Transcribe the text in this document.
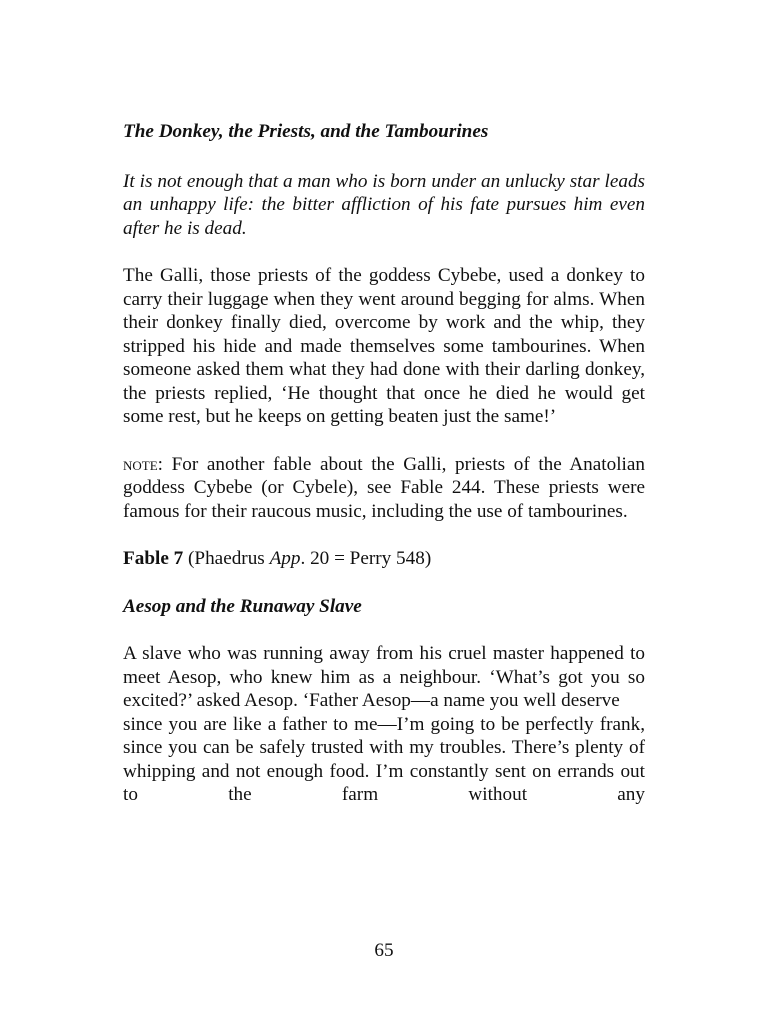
The Donkey, the Priests, and the Tambourines

It is not enough that a man who is born under an unlucky star leads an unhappy life: the bitter affliction of his fate pursues him even after he is dead.

The Galli, those priests of the goddess Cybebe, used a donkey to carry their luggage when they went around begging for alms. When their donkey finally died, overcome by work and the whip, they stripped his hide and made themselves some tambourines. When someone asked them what they had done with their darling donkey, the priests replied, ‘He thought that once he died he would get some rest, but he keeps on getting beaten just the same!’

note: For another fable about the Galli, priests of the Anatolian goddess Cybebe (or Cybele), see Fable 244. These priests were famous for their raucous music, including the use of tambourines.

Fable 7 (Phaedrus App. 20 = Perry 548)

Aesop and the Runaway Slave

A slave who was running away from his cruel master happened to meet Aesop, who knew him as a neighbour. ‘What’s got you so excited?’ asked Aesop. ‘Father Aesop—a name you well deserve
since you are like a father to me—I’m going to be perfectly frank, since you can be safely trusted with my troubles. There’s plenty of whipping and not enough food. I’m constantly sent on errands out to the farm without any

65
